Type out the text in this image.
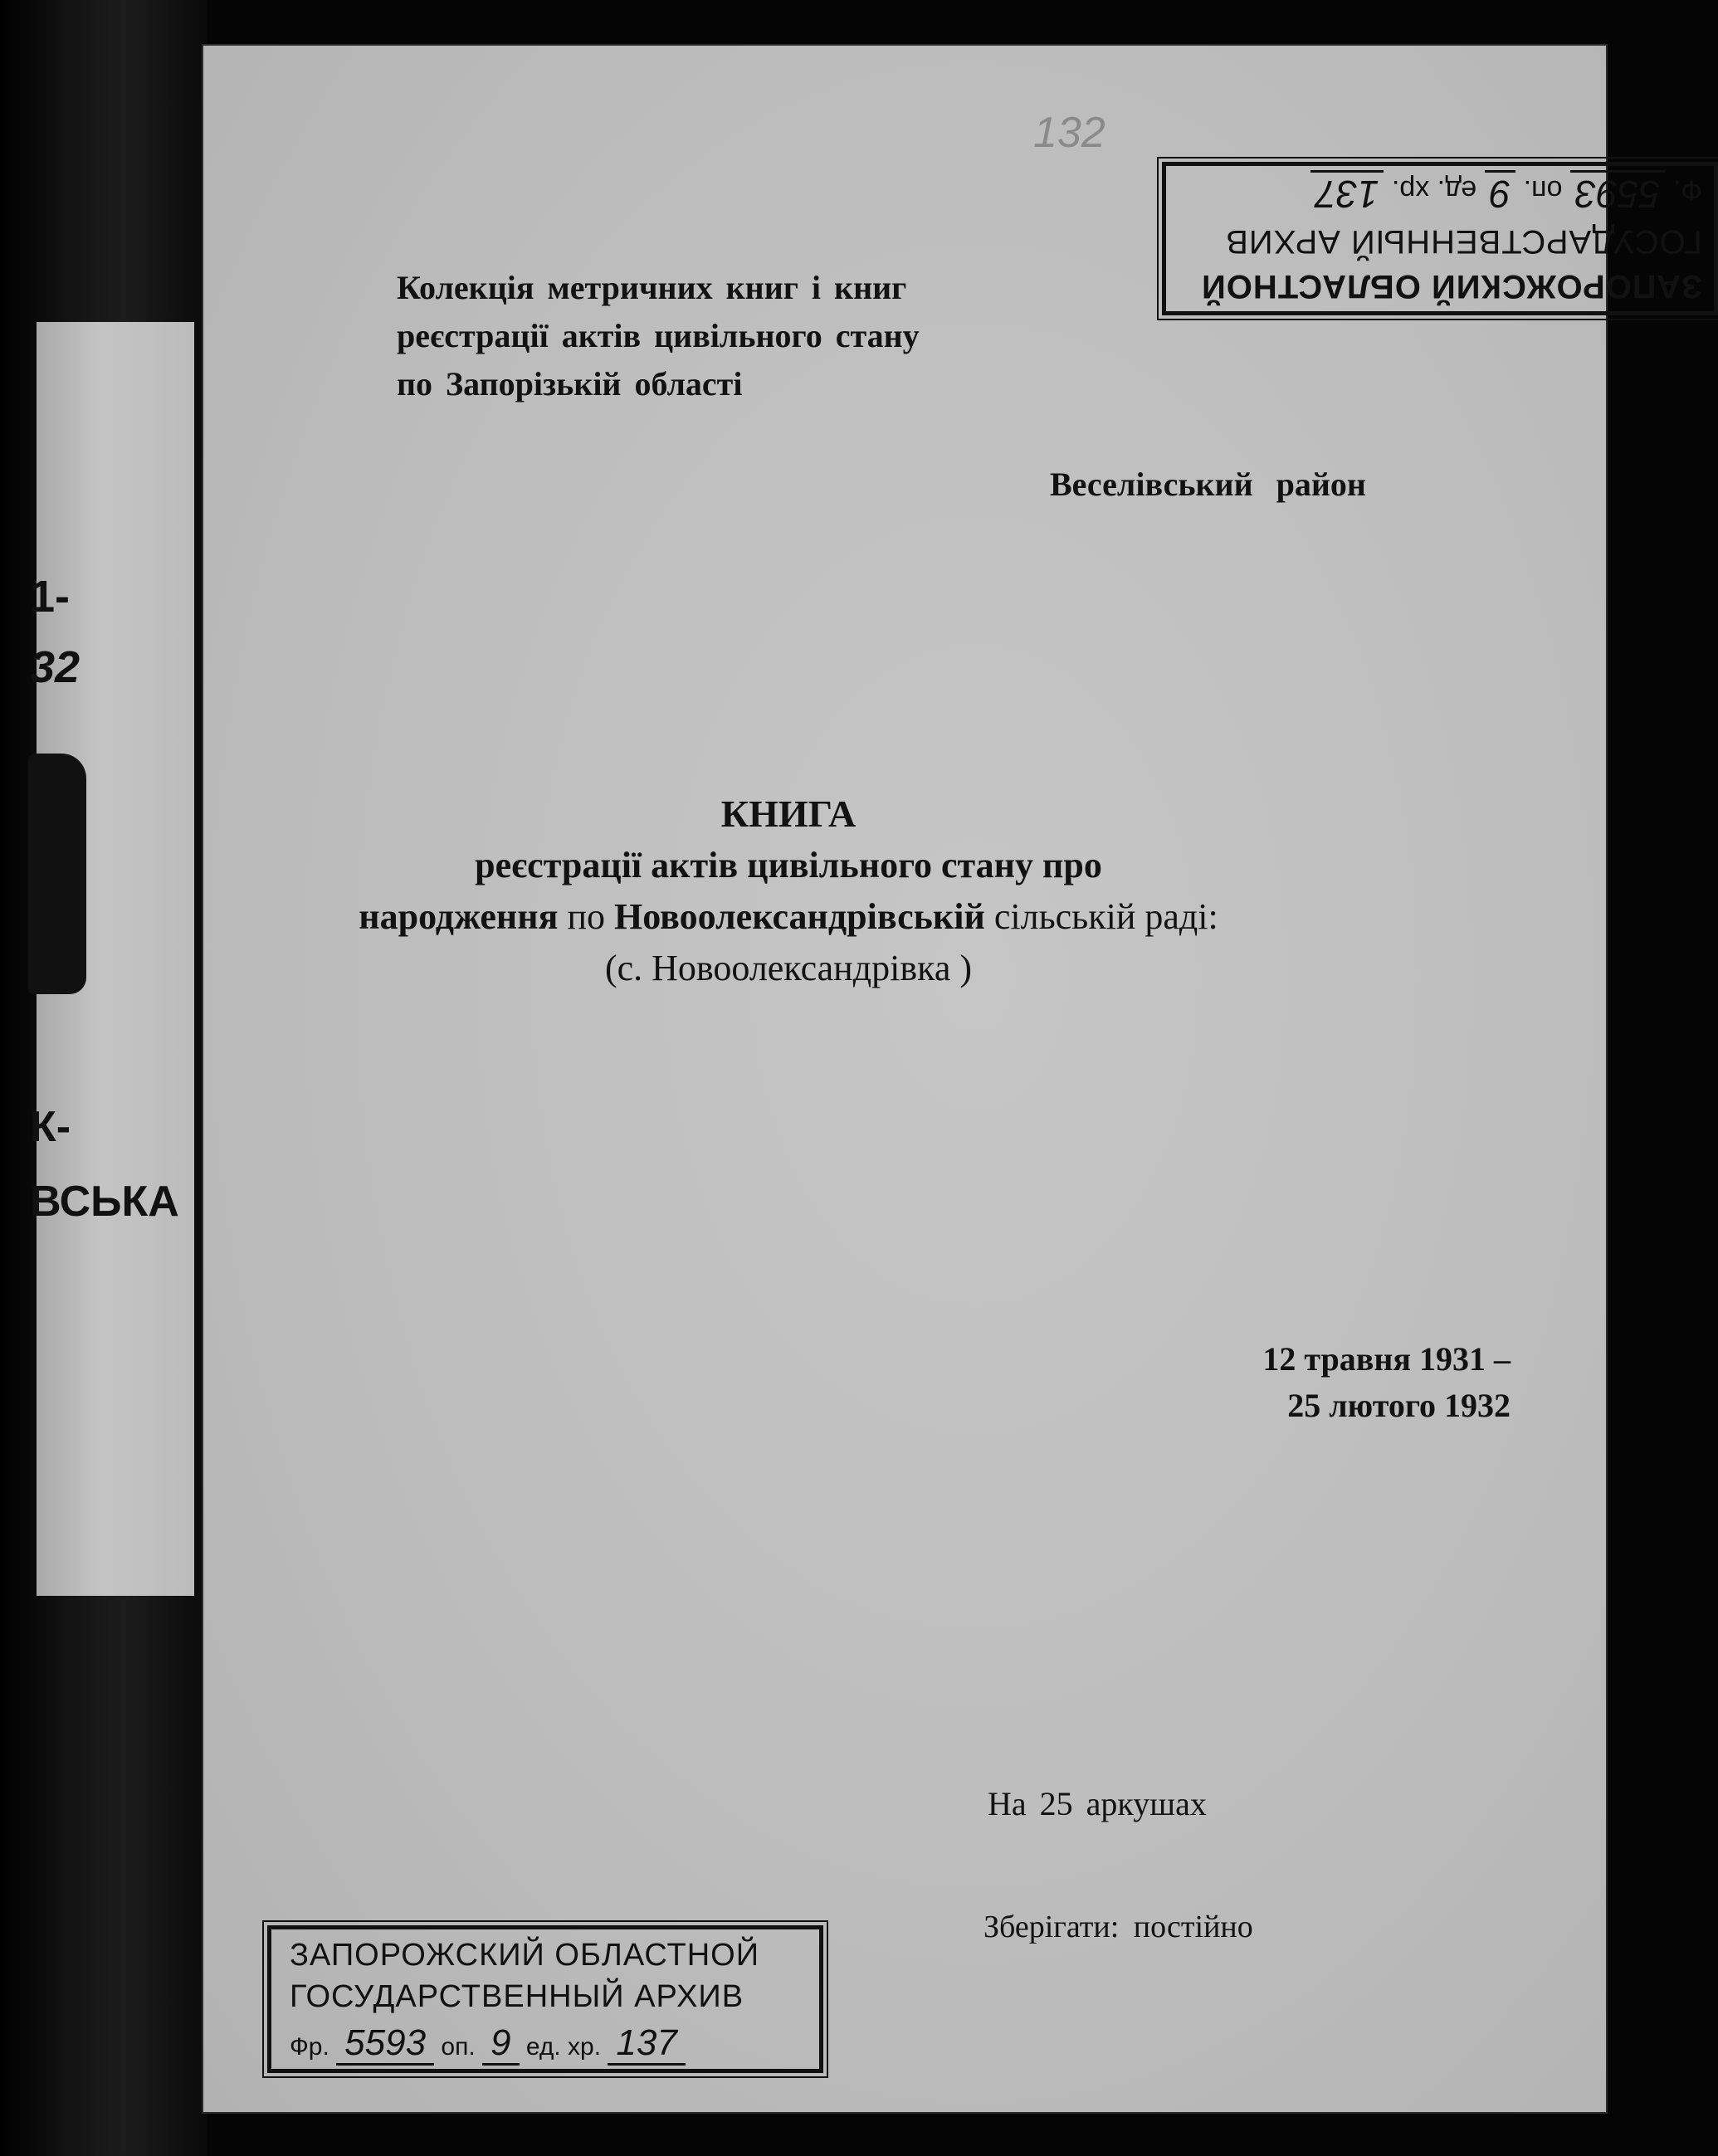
1-
32
К-
ВСЬКА
132
ЗАПОРОЖСКИЙ ОБЛАСТНОЙ
ГОСУДАРСТВЕННЫЙ АРХИВ
Ф. 5593 оп. 9 ед. хр. 137
Колекція метричних книг і книг
реєстрації актів цивільного стану
по Запорізькій області
Веселівський район
КНИГА
реєстрації актів цивільного стану про
народження по Новоолександрівській сільській раді:
(с. Новоолександрівка )
12 травня 1931 –
25 лютого 1932
На 25 аркушах
Зберігати: постійно
ЗАПОРОЖСКИЙ ОБЛАСТНОЙ
ГОСУДАРСТВЕННЫЙ АРХИВ
Фр. 5593 оп. 9 ед. хр. 137
